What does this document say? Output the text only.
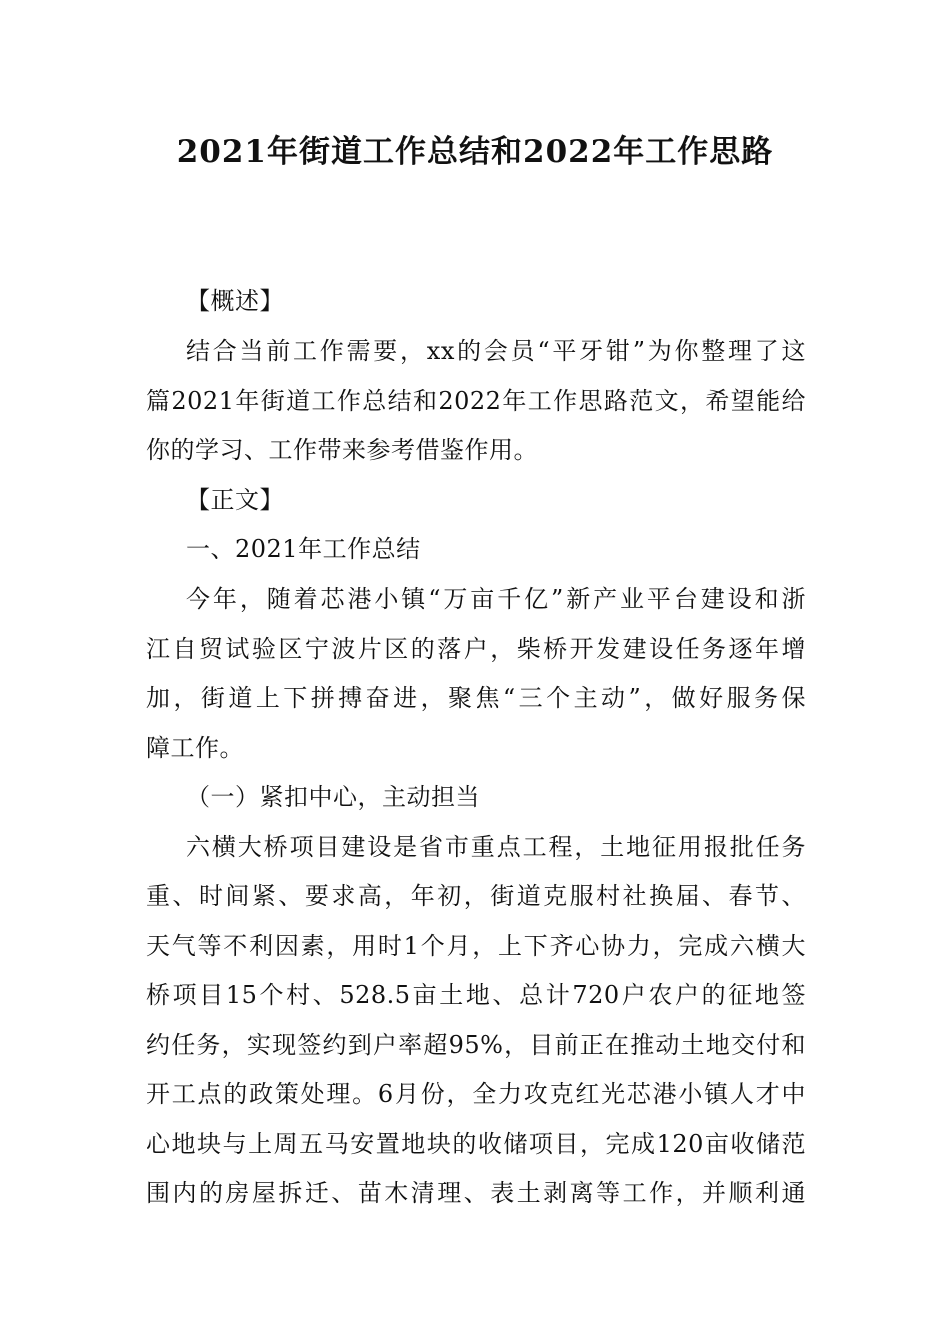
2021年街道工作总结和2022年工作思路
【概述】
结合当前工作需要，xx的会员“平牙钳”为你整理了这
篇2021年街道工作总结和2022年工作思路范文，希望能给
你的学习、工作带来参考借鉴作用。
【正文】
一、2021年工作总结
今年，随着芯港小镇“万亩千亿”新产业平台建设和浙
江自贸试验区宁波片区的落户，柴桥开发建设任务逐年增
加，街道上下拼搏奋进，聚焦“三个主动”，做好服务保
障工作。
（一）紧扣中心，主动担当
六横大桥项目建设是省市重点工程，土地征用报批任务
重、时间紧、要求高，年初，街道克服村社换届、春节、
天气等不利因素，用时1个月，上下齐心协力，完成六横大
桥项目15个村、528.5亩土地、总计720户农户的征地签
约任务，实现签约到户率超95%，目前正在推动土地交付和
开工点的政策处理。6月份，全力攻克红光芯港小镇人才中
心地块与上周五马安置地块的收储项目，完成120亩收储范
围内的房屋拆迁、苗木清理、表土剥离等工作，并顺利通
